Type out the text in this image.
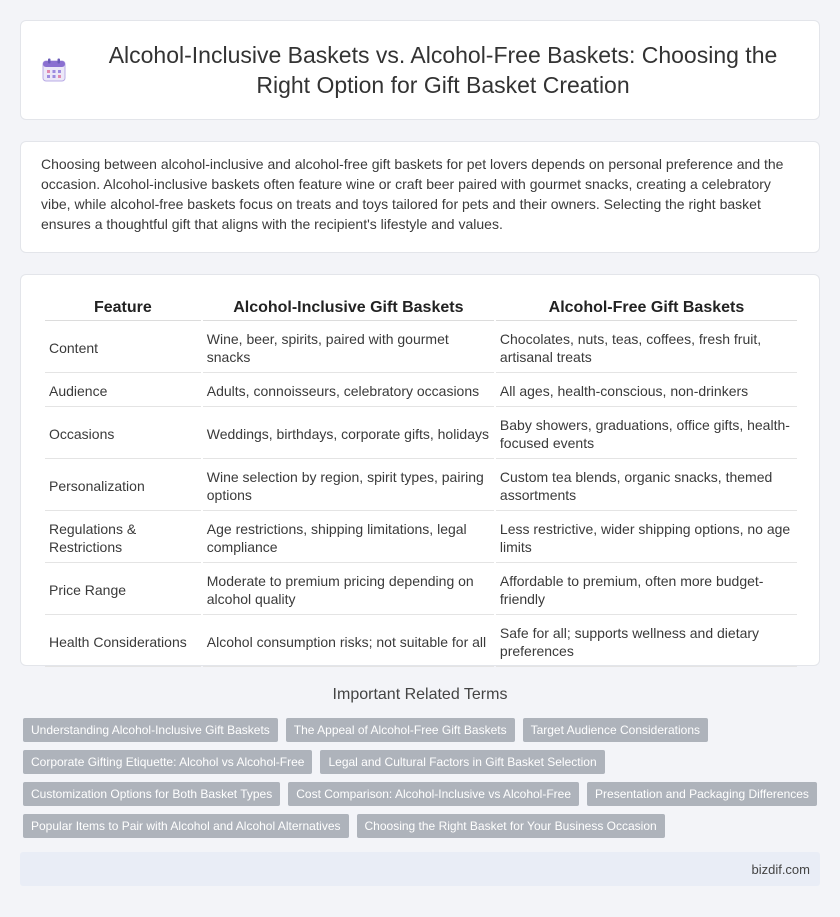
Alcohol-Inclusive Baskets vs. Alcohol-Free Baskets: Choosing the Right Option for Gift Basket Creation

Choosing between alcohol-inclusive and alcohol-free gift baskets for pet lovers depends on personal preference and the occasion. Alcohol-inclusive baskets often feature wine or craft beer paired with gourmet snacks, creating a celebratory vibe, while alcohol-free baskets focus on treats and toys tailored for pets and their owners. Selecting the right basket ensures a thoughtful gift that aligns with the recipient's lifestyle and values.

Feature	Alcohol-Inclusive Gift Baskets	Alcohol-Free Gift Baskets
Content	Wine, beer, spirits, paired with gourmet snacks	Chocolates, nuts, teas, coffees, fresh fruit, artisanal treats
Audience	Adults, connoisseurs, celebratory occasions	All ages, health-conscious, non-drinkers
Occasions	Weddings, birthdays, corporate gifts, holidays	Baby showers, graduations, office gifts, health-focused events
Personalization	Wine selection by region, spirit types, pairing options	Custom tea blends, organic snacks, themed assortments
Regulations & Restrictions	Age restrictions, shipping limitations, legal compliance	Less restrictive, wider shipping options, no age limits
Price Range	Moderate to premium pricing depending on alcohol quality	Affordable to premium, often more budget-friendly
Health Considerations	Alcohol consumption risks; not suitable for all	Safe for all; supports wellness and dietary preferences
Important Related Terms
Understanding Alcohol-Inclusive Gift Baskets	The Appeal of Alcohol-Free Gift Baskets	Target Audience Considerations
Corporate Gifting Etiquette: Alcohol vs Alcohol-Free	Legal and Cultural Factors in Gift Basket Selection
Customization Options for Both Basket Types	Cost Comparison: Alcohol-Inclusive vs Alcohol-Free	Presentation and Packaging Differences
Popular Items to Pair with Alcohol and Alcohol Alternatives	Choosing the Right Basket for Your Business Occasion
bizdif.com
